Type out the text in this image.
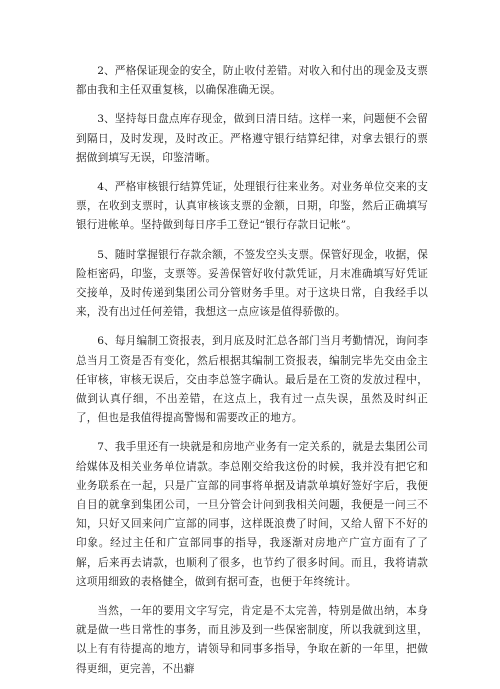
2、严格保证现金的安全，防止收付差错。对收入和付出的现金及支票都由我和主任双重复核，以确保准确无误。

3、坚持每日盘点库存现金，做到日清日结。这样一来，问题便不会留到隔日，及时发现，及时改正。严格遵守银行结算纪律，对拿去银行的票据做到填写无误，印鉴清晰。

4、严格审核银行结算凭证，处理银行往来业务。对业务单位交来的支票，在收到支票时，认真审核该支票的金额，日期，印鉴，然后正确填写银行进帐单。坚持做到每日序手工登记“银行存款日记帐”。

5、随时掌握银行存款余额，不签发空头支票。保管好现金，收据，保险柜密码，印鉴，支票等。妥善保管好收付款凭证，月末准确填写好凭证交接单，及时传递到集团公司分管财务手里。对于这块日常，自我经手以来，没有出过任何差错，我想这一点应该是值得骄傲的。

6、每月编制工资报表，到月底及时汇总各部门当月考勤情况，询问李总当月工资是否有变化，然后根据其编制工资报表，编制完毕先交由金主任审核，审核无误后，交由李总签字确认。最后是在工资的发放过程中，做到认真仔细，不出差错，在这点上，我有过一点失误，虽然及时纠正了，但也是我值得提高警惕和需要改正的地方。

7、我手里还有一块就是和房地产业务有一定关系的，就是去集团公司给媒体及相关业务单位请款。李总刚交给我这份的时候，我并没有把它和业务联系在一起，只是广宣部的同事将单据及请款单填好签好字后，我便自目的就拿到集团公司，一旦分管会计问到我相关问题，我便是一问三不知，只好又回来问广宣部的同事，这样既浪费了时间，又给人留下不好的印象。经过主任和广宣部同事的指导，我逐渐对房地产广宣方面有了了解，后来再去请款，也顺利了很多，也节约了很多时间。而且，我将请款这项用细致的表格健全，做到有据可查，也便于年终统计。

当然，一年的要用文字写完，肯定是不太完善，特别是做出纳，本身就是做一些日常性的事务，而且涉及到一些保密制度，所以我就到这里，以上有有待提高的地方，请领导和同事多指导，争取在新的一年里，把做得更细，更完善，不出癖
